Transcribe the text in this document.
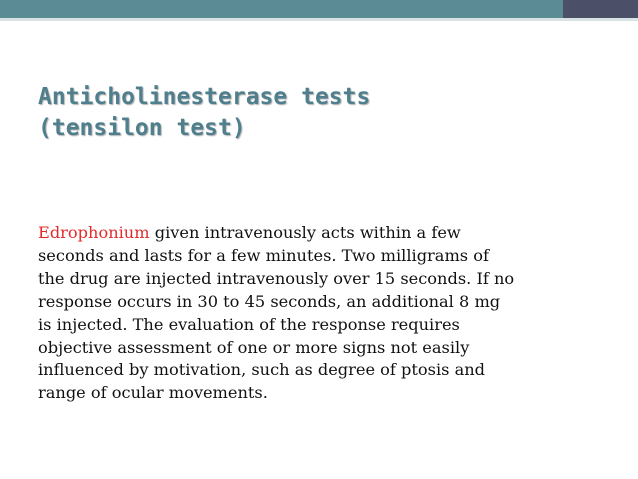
Anticholinesterase tests
(tensilon test)
Edrophonium given intravenously acts within a few
seconds and lasts for a few minutes. Two milligrams of
the drug are injected intravenously over 15 seconds. If no
response occurs in 30 to 45 seconds, an additional 8 mg
is injected. The evaluation of the response requires
objective assessment of one or more signs not easily
influenced by motivation, such as degree of ptosis and
range of ocular movements.
